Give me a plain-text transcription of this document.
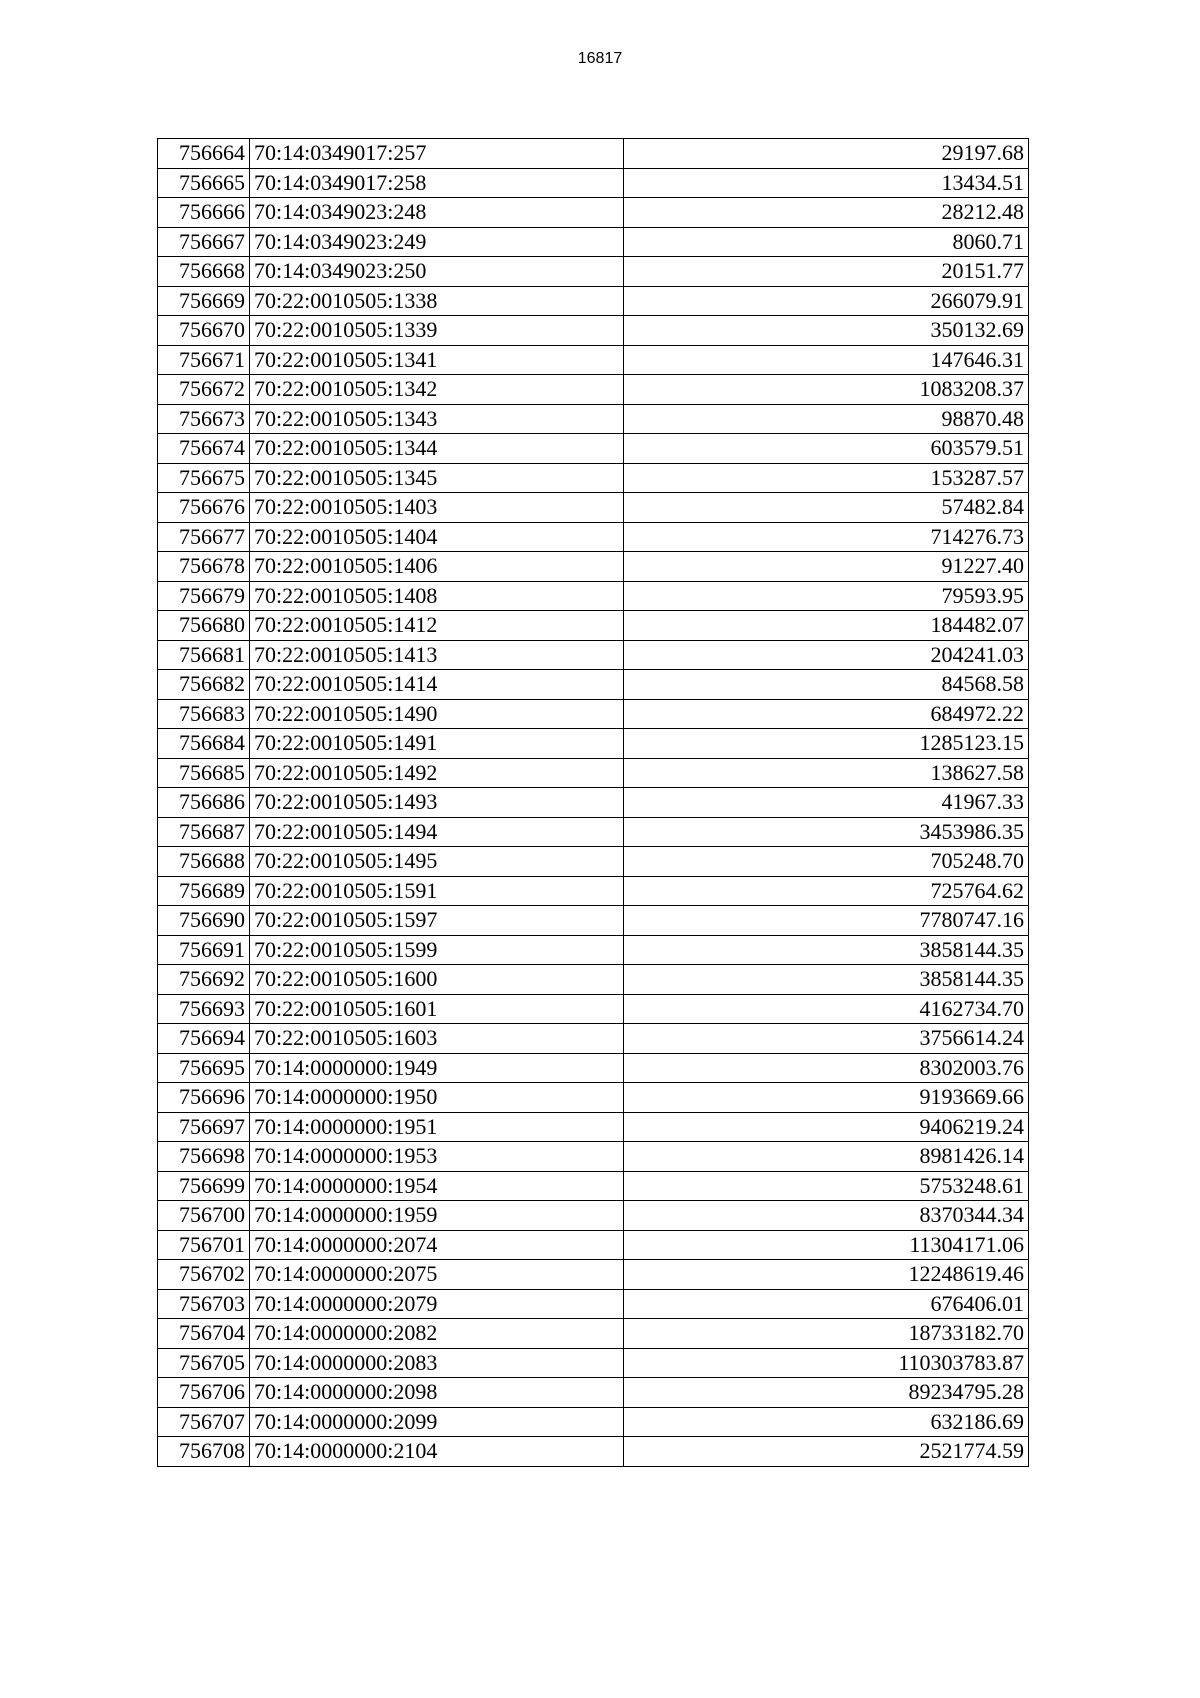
16817
756664	70:14:0349017:257	29197.68
756665	70:14:0349017:258	13434.51
756666	70:14:0349023:248	28212.48
756667	70:14:0349023:249	8060.71
756668	70:14:0349023:250	20151.77
756669	70:22:0010505:1338	266079.91
756670	70:22:0010505:1339	350132.69
756671	70:22:0010505:1341	147646.31
756672	70:22:0010505:1342	1083208.37
756673	70:22:0010505:1343	98870.48
756674	70:22:0010505:1344	603579.51
756675	70:22:0010505:1345	153287.57
756676	70:22:0010505:1403	57482.84
756677	70:22:0010505:1404	714276.73
756678	70:22:0010505:1406	91227.40
756679	70:22:0010505:1408	79593.95
756680	70:22:0010505:1412	184482.07
756681	70:22:0010505:1413	204241.03
756682	70:22:0010505:1414	84568.58
756683	70:22:0010505:1490	684972.22
756684	70:22:0010505:1491	1285123.15
756685	70:22:0010505:1492	138627.58
756686	70:22:0010505:1493	41967.33
756687	70:22:0010505:1494	3453986.35
756688	70:22:0010505:1495	705248.70
756689	70:22:0010505:1591	725764.62
756690	70:22:0010505:1597	7780747.16
756691	70:22:0010505:1599	3858144.35
756692	70:22:0010505:1600	3858144.35
756693	70:22:0010505:1601	4162734.70
756694	70:22:0010505:1603	3756614.24
756695	70:14:0000000:1949	8302003.76
756696	70:14:0000000:1950	9193669.66
756697	70:14:0000000:1951	9406219.24
756698	70:14:0000000:1953	8981426.14
756699	70:14:0000000:1954	5753248.61
756700	70:14:0000000:1959	8370344.34
756701	70:14:0000000:2074	11304171.06
756702	70:14:0000000:2075	12248619.46
756703	70:14:0000000:2079	676406.01
756704	70:14:0000000:2082	18733182.70
756705	70:14:0000000:2083	110303783.87
756706	70:14:0000000:2098	89234795.28
756707	70:14:0000000:2099	632186.69
756708	70:14:0000000:2104	2521774.59
